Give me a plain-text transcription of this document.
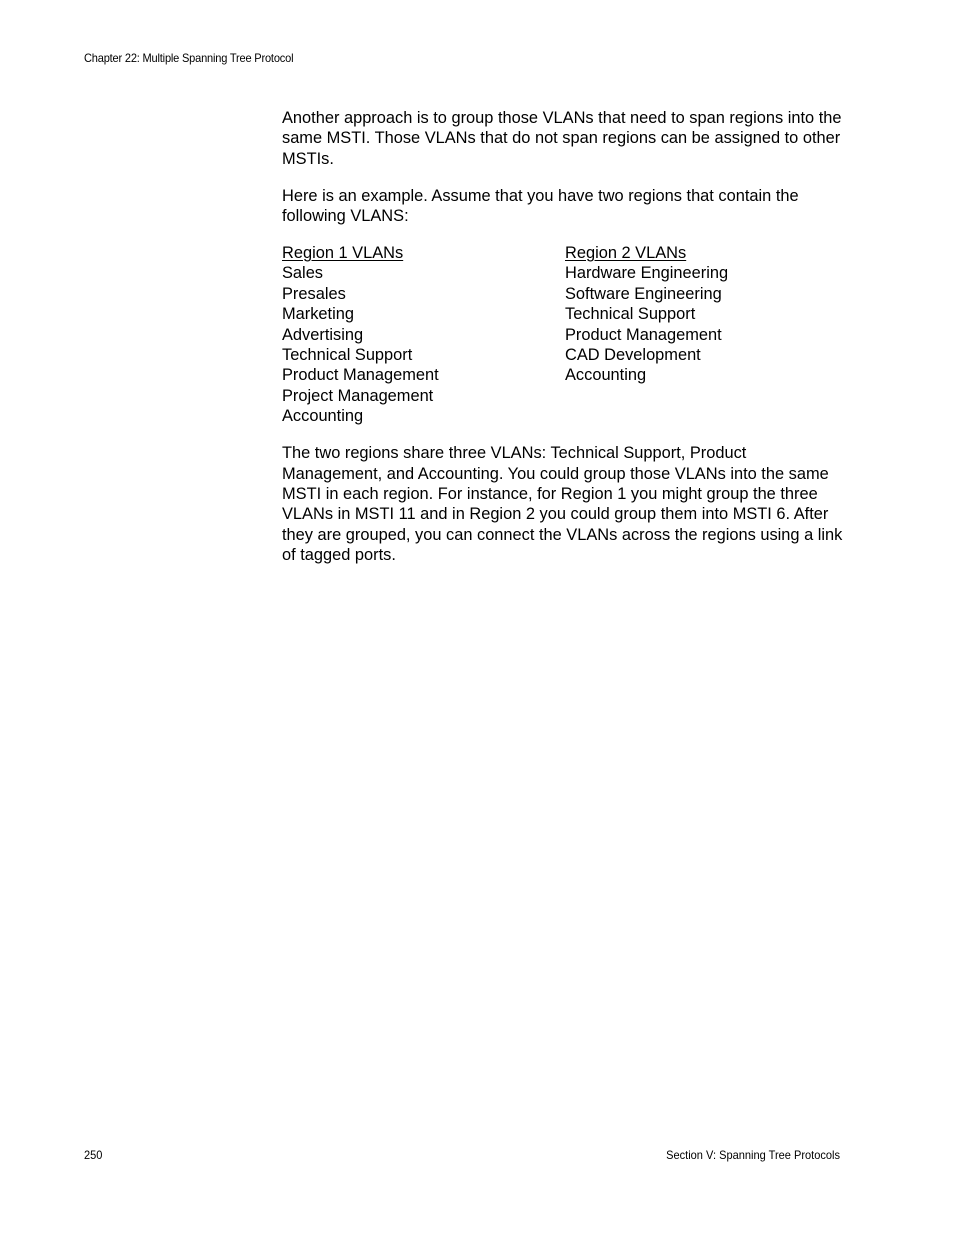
Chapter 22: Multiple Spanning Tree Protocol

Another approach is to group those VLANs that need to span regions into the same MSTI. Those VLANs that do not span regions can be assigned to other MSTIs.

Here is an example. Assume that you have two regions that contain the following VLANS:

Region 1 VLANs
Sales
Presales
Marketing
Advertising
Technical Support
Product Management
Project Management
Accounting
Region 2 VLANs
Hardware Engineering
Software Engineering
Technical Support
Product Management
CAD Development
Accounting

The two regions share three VLANs: Technical Support, Product Management, and Accounting. You could group those VLANs into the same MSTI in each region. For instance, for Region 1 you might group the three VLANs in MSTI 11 and in Region 2 you could group them into MSTI 6. After they are grouped, you can connect the VLANs across the regions using a link of tagged ports.

250	Section V: Spanning Tree Protocols
